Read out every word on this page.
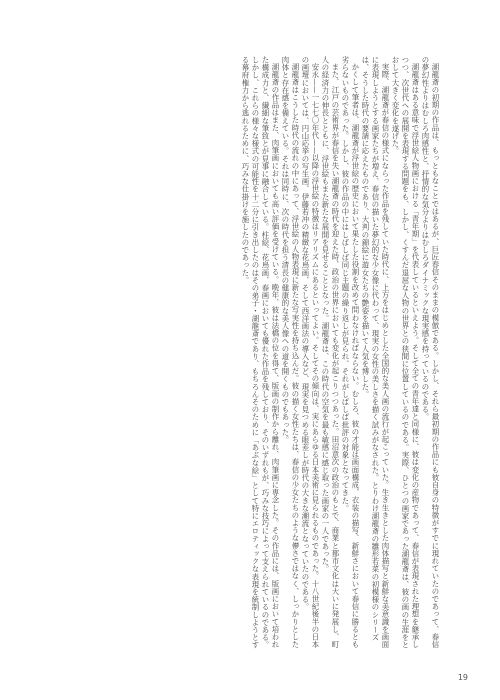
湖龍斎の初期の作品は、もっともなことではあるが、巨匠春信そのままの模倣である。しかし、それら最初期の作品にも彼自身の特徴がすでに現れていたのであって、春信の夢幻性よりはむしろ肉感性と、抒情的な気分よりはむしろダイナミックな現実感を持っているのである。

湖龍斎はある意味で浮世絵人物画における「青年期」を代表しているといえよう。そして全ての青年達と同様に、彼は変化の産物であって、春信が表現された理想を継承しつつ、次世代への展開を表現する問題をも、しかし、くすんだ退屈な人物の世界との狭間に位置しているのである。実際、ひとつの画家であった湖龍斎は、彼の画の生涯をとおして大きく変化を遂げた。

実際、湖龍斎が春信の様式にならった作品を残していた時代に、上方をはじめとした全国的な美人画の流行が起こっていた。生き生きとした肉体描写と新鮮な美意識を画面に表現しようとする画家たちが増え、春信の描いた夢幻的な少女像に代わって、現実の女性の美しさを描く試みがなされた。とりわけ湖龍斎の雛形若菜の初模様のシリーズは、そうした時代の要請に応えたものであり、大判の錦絵に遊女たちの艶姿を描いて人気を博した。

かくして筆者は、湖龍斎が浮世絵の歴史において果たした役割を改めて問わなければならない。むしろ、彼の才能は画面構成、衣装の描写、新鮮さにおいて春信に勝るとも劣らないものであった。しかし、彼の作品の中にはしばしば同じ主題の繰り返しが見られ、それがしばしば批評の対象となってきた。

また、江戸の芸術界が春信を失い湖龍斎の時代を迎えた時、政治の世界においても変化が起こりつつあった。田沼意次の政治のもとで、商業と都市文化は大いに発展し、町人の経済力の伸長とともに、浮世絵もまた新たな展開を見せることとなった。湖龍斎は、この時代の空気を最も敏感に感じ取った画家の一人であった。

安永——一七七〇年代——以降の浮世絵の特徴はリアリズムにあるといってよい。そしてその傾向は、実にあらゆる日本美術に見られるものであった。十八世紀後半の日本の画壇においては、円山応挙の写生画、伊藤若冲の精緻な花鳥画、そして西洋画法の導入など、現実を見つめる眼差しが時代の大きな潮流となっていたのである。

湖龍斎はこうした時代の流れの中にあって、浮世絵の人物表現に新たな写実性を持ち込んだ。彼の描く女性たちは、春信の少女たちのような儚さではなく、しっかりとした肉体と存在感を備えている。それは同時に、次の時代を担う清長の健康的な美人像への道を開くものでもあった。

湖龍斎の作品はまた、肉筆画においても高い評価を受けている。晩年、彼は法橋の位を得て、版画の制作から離れ、肉筆画に専念した。その作品には、版画において培われた構成力と、繊細な筆致とが見事に融合している。柱絵、花鳥画、春画においても優れた作品を残しており、そのいずれもが、巧みな技巧によって支えられているのである。しかし、これらの様々な様式の可能性を十二分に引き出したのはその弟子・湖龍斎であり、もちろんそのために「あぶな絵」として特にエロティックな表現を統制しようとする幕府権力から逃れるために、巧みな仕掛けを施したのであった。

19
